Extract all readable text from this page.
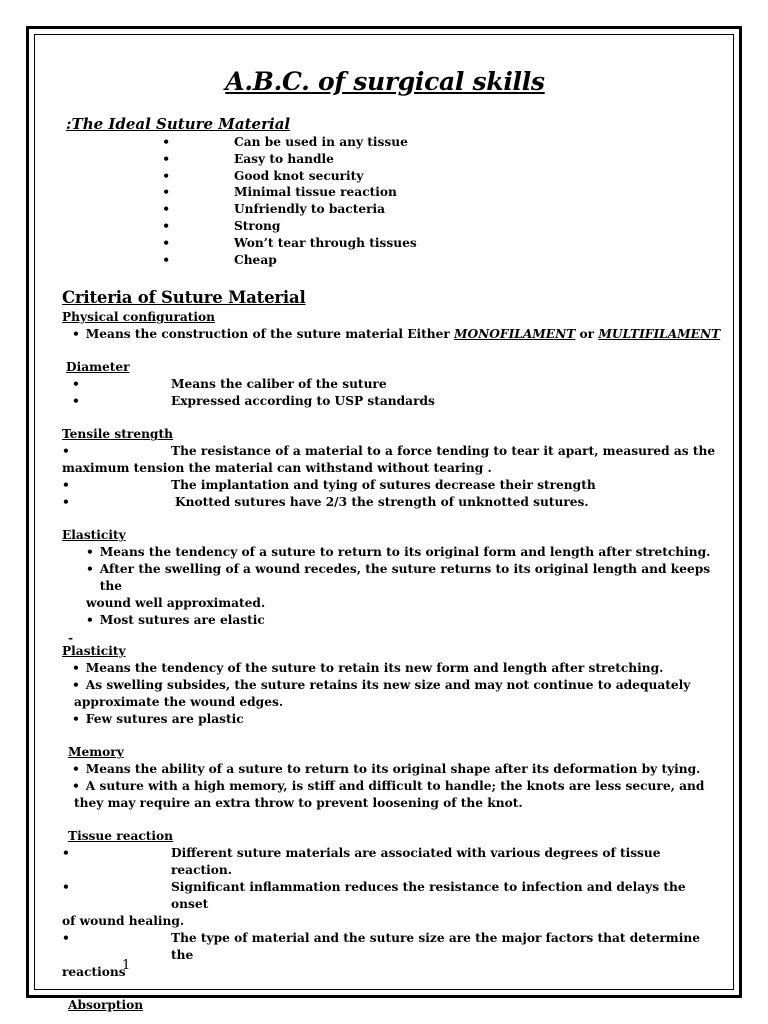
A.B.C. of surgical skills
:The Ideal Suture Material
•	Can be used in any tissue
•	Easy to handle
•	Good knot security
•	Minimal tissue reaction
•	Unfriendly to bacteria
•	Strong
•	Won’t tear through tissues
•	Cheap
Criteria of Suture Material
Physical configuration
• Means the construction of the suture material Either MONOFILAMENT or MULTIFILAMENT
Diameter
•	Means the caliber of the suture
•	Expressed according to USP standards
Tensile strength
•	The resistance of a material to a force tending to tear it apart, measured as the
maximum tension the material can withstand without tearing .
•	The implantation and tying of sutures decrease their strength
•	Knotted sutures have 2/3 the strength of unknotted sutures.
Elasticity
• Means the tendency of a suture to return to its original form and length after stretching.
• After the swelling of a wound recedes, the suture returns to its original length and keeps the
wound well approximated.
• Most sutures are elastic
-
Plasticity
• Means the tendency of the suture to retain its new form and length after stretching.
• As swelling subsides, the suture retains its new size and may not continue to adequately
approximate the wound edges.
• Few sutures are plastic
Memory
• Means the ability of a suture to return to its original shape after its deformation by tying.
• A suture with a high memory, is stiff and difficult to handle; the knots are less secure, and
they may require an extra throw to prevent loosening of the knot.
Tissue reaction
•	Different suture materials are associated with various degrees of tissue reaction.
•	Significant inflammation reduces the resistance to infection and delays the onset
of wound healing.
•	The type of material and the suture size are the major factors that determine the
reactions
Absorption
1
